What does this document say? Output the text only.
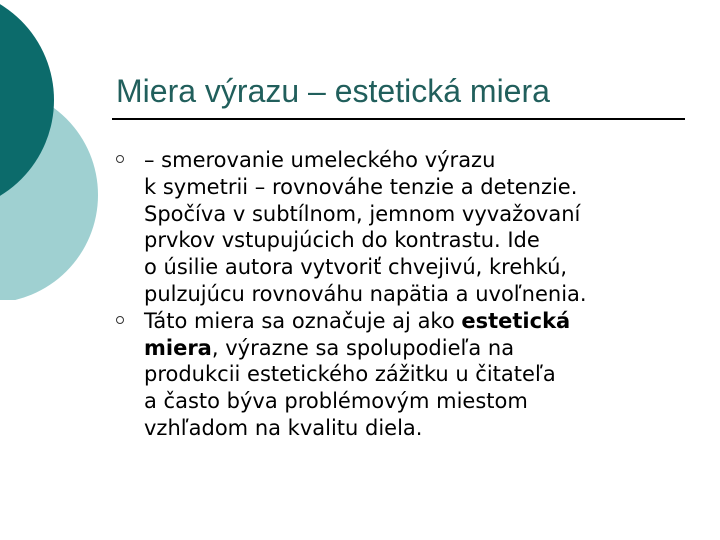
Miera výrazu – estetická miera
– smerovanie umeleckého výrazu
k symetrii – rovnováhe tenzie a detenzie.
Spočíva v subtílnom, jemnom vyvažovaní
prvkov vstupujúcich do kontrastu. Ide
o úsilie autora vytvoriť chvejivú, krehkú,
pulzujúcu rovnováhu napätia a uvoľnenia.
Táto miera sa označuje aj ako estetická
miera, výrazne sa spolupodieľa na
produkcii estetického zážitku u čitateľa
a často býva problémovým miestom
vzhľadom na kvalitu diela.
